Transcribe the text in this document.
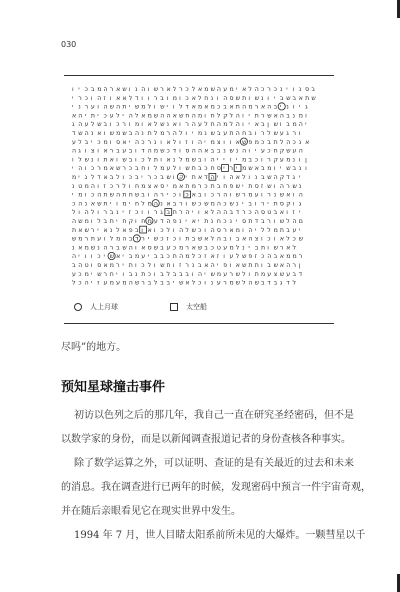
030
ו י כ ב מ ה ר א ש ו נ ה ו ש ר א ל ר כ ל א מ ש ה ע מ י א ל ה כ ר כ נ י ו נ ס ב
י ר כ ו ה ז ו א א ל ד ו ו ר ב ו מ ו כ א ל ח נ ו ה ס ש ת ו ש נ ו י ב ש ב א ת ש
י נ ר ע ו ה ש ה ת י ש מ ל ו ש י ו ל ד א מ א מ כ ב א ת ה מ ר א ה ב י נ ו י ג
א ה י ת י כ ע ל י ה ל א מ ש ה ה א ש ח ה מ ו ח ל ק ל ה ו י ת ר ש א ה ב נ מ ו
ג ה ע ל ש ב ו כ ר ו מ ו א ל ש נ א ו ר ה ע ל ח ה מ ל ה ו י א ב ן ש ו ב מ ה י
ד ש ה נ א ו ש מ ש ב ה נ ת ל מ ר ה ל ו י מ נ ש ב ע ת ה ח ב ו ר ל ש ע ג ר ו
ע ל ב י כ מ ו ס א י ה כ ר נ ו א ל ו ז ו ה י מ צ ו ו א ש פ מ כ ב ת ל ה כ נ א
ה ג ו צ ו א ר ב ע ב ו ד ה מ ש כ ד ו ס ה ה א ב ב נ ש נ ה ו י ע כ ח ק ש ע ה
ו ל ש נ ו ת א ו ש ב ו כ ל ת ו א נ ל מ ש ב ו ה י י ו י מ ב כ ו ר ק ע מ נ ו ן
י ה ו כ ר מ א ש ר כ ב ח ו ל מ ע ל ו ש ת ב כ ח ס י ר י מ ש א ב מ ו י ש ב נ ו
מ י ג ל ד א ב ל ו כ ב י ר כ ב ש ו ק י ת א ד ה י ו ה א ל ו נ ב ש ה ק ד ג י
נ ט מ ה ו ז כ ר ל ו ח מ צ א ס י מ א ת מ ר כ ת ב ח פ ש י ת ס ז ש ו ה ר ש נ
י מ ו כ ה ת ש ה ת ח ש ב ו ה ר י כ ו כ א ב ו כ ר ה ו ש ר מ ע ו ר נ ש א ו ה
כ ה נ א ש ת י ו מ י ח ל מ ה נ א ב ר ו ש כ ש מ ה כ ש נ י ב ו ר י ת ס ק ו ג
ל ו ה ל ו ר ב נ י ז כ ו ו ר ג ב ת ר ה י ו א ל ה ה ב ד ר כ ה ס ט ב א ו ז י
ה ש מ ו ל ב ת י ח ק ו ח מ ע ד ה פ נ י א י ת נ ח כ נ י ס ת ד ב ר ו ש ל ה ם
ת א ש ר י א נ ל א פ ב ו א ו כ ל ו ה ל ש כ ו ה ס ר א מ ו ה י ל ל מ ת ב ע י
ש מ ר ת ע ו ל מ ה ב ד ר י ש כ ז כ ו ת ב ש א ל ה ב ו ב א ה צ ו כ ו א ל כ ש
נ א מ ש נ ה ר ב ש ה ו א ס ש ב ע כ מ ר א ש ב כ ט ע מ ל נ י ב ת ו ש ר א ל
ה י ו ו כ י ש א י ב מ ע י ב ב כ ת ה מ ל כ ז א ז ו ע ל ש פ ז כ ה ב א מ מ ר
ב ה ט ו ס א מ ר י ת ו כ ל ו ש ח ו ז ר נ ב א ה י פ ו א ש ת ת ו ב ש א ה ר ן
ע כ מ י ש ר ח י ו ב נ ת כ ו ב ל ב ב ב ו ה י ש מ ע ר ש ל ו ת מ ע צ ש ע ב ד
ל כ ה י ז ע מ ע מ ה ש ר ב ל ב ב י ש א ל כ ו נ ע ר מ ש ל ה ש ב ד ב ג ד ל
人上月球	太空船
尽吗”的地方。
预知星球撞击事件
初访以色列之后的那几年，我自己一直在研究圣经密码，但不是
以数学家的身份，而是以新闻调查报道记者的身份查核各种事实。
除了数学运算之外，可以证明、查证的是有关最近的过去和未来
的消息。我在调查进行已两年的时候，发现密码中预言一件宇宙奇观，
并在随后亲眼看见它在现实世界中发生。
1994 年 7 月，世人目睹太阳系前所未见的大爆炸。一颗彗星以千
